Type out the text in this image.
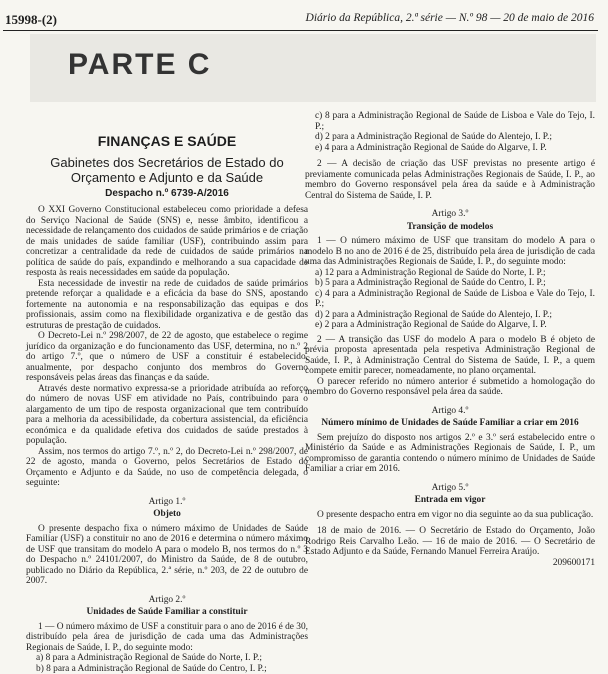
15998-(2)	Diário da República, 2.ª série — N.º 98 — 20 de maio de 2016
PARTE C
FINANÇAS E SAÚDE
Gabinetes dos Secretários de Estado do Orçamento e Adjunto e da Saúde
Despacho n.º 6739-A/2016

O XXI Governo Constitucional estabeleceu como prioridade a defesa do Serviço Nacional de Saúde (SNS) e, nesse âmbito, identificou a necessidade de relançamento dos cuidados de saúde primários e de criação de mais unidades de saúde familiar (USF), contribuindo assim para concretizar a centralidade da rede de cuidados de saúde primários na política de saúde do país, expandindo e melhorando a sua capacidade de resposta às reais necessidades em saúde da população.

Esta necessidade de investir na rede de cuidados de saúde primários pretende reforçar a qualidade e a eficácia da base do SNS, apostando fortemente na autonomia e na responsabilização das equipas e dos profissionais, assim como na flexibilidade organizativa e de gestão das estruturas de prestação de cuidados.

O Decreto-Lei n.º 298/2007, de 22 de agosto, que estabelece o regime jurídico da organização e do funcionamento das USF, determina, no n.º 2 do artigo 7.º, que o número de USF a constituir é estabelecido, anualmente, por despacho conjunto dos membros do Governo responsáveis pelas áreas das finanças e da saúde.

Através deste normativo expressa-se a prioridade atribuída ao reforço do número de novas USF em atividade no País, contribuindo para o alargamento de um tipo de resposta organizacional que tem contribuído para a melhoria da acessibilidade, da cobertura assistencial, da eficiência económica e da qualidade efetiva dos cuidados de saúde prestados à população.

Assim, nos termos do artigo 7.º, n.º 2, do Decreto-Lei n.º 298/2007, de 22 de agosto, manda o Governo, pelos Secretários de Estado do Orçamento e Adjunto e da Saúde, no uso de competência delegada, o seguinte:

Artigo 1.º
Objeto

O presente despacho fixa o número máximo de Unidades de Saúde Familiar (USF) a constituir no ano de 2016 e determina o número máximo de USF que transitam do modelo A para o modelo B, nos termos do n.º 3 do Despacho n.º 24101/2007, do Ministro da Saúde, de 8 de outubro, publicado no Diário da República, 2.ª série, n.º 203, de 22 de outubro de 2007.

Artigo 2.º
Unidades de Saúde Familiar a constituir

1 — O número máximo de USF a constituir para o ano de 2016 é de 30, distribuído pela área de jurisdição de cada uma das Administrações Regionais de Saúde, I. P., do seguinte modo:

a) 8 para a Administração Regional de Saúde do Norte, I. P.;

b) 8 para a Administração Regional de Saúde do Centro, I. P.;

c) 8 para a Administração Regional de Saúde de Lisboa e Vale do Tejo, I. P.;

d) 2 para a Administração Regional de Saúde do Alentejo, I. P.;

e) 4 para a Administração Regional de Saúde do Algarve, I. P.

2 — A decisão de criação das USF previstas no presente artigo é previamente comunicada pelas Administrações Regionais de Saúde, I. P., ao membro do Governo responsável pela área da saúde e à Administração Central do Sistema de Saúde, I. P.

Artigo 3.º
Transição de modelos

1 — O número máximo de USF que transitam do modelo A para o modelo B no ano de 2016 é de 25, distribuído pela área de jurisdição de cada uma das Administrações Regionais de Saúde, I. P., do seguinte modo:

a) 12 para a Administração Regional de Saúde do Norte, I. P.;

b) 5 para a Administração Regional de Saúde do Centro, I. P.;

c) 4 para a Administração Regional de Saúde de Lisboa e Vale do Tejo, I. P.;

d) 2 para a Administração Regional de Saúde do Alentejo, I. P.;

e) 2 para a Administração Regional de Saúde do Algarve, I. P.

2 — A transição das USF do modelo A para o modelo B é objeto de prévia proposta apresentada pela respetiva Administração Regional de Saúde, I. P., à Administração Central do Sistema de Saúde, I. P., a quem compete emitir parecer, nomeadamente, no plano orçamental.

O parecer referido no número anterior é submetido a homologação do membro do Governo responsável pela área da saúde.

Artigo 4.º
Número mínimo de Unidades de Saúde Familiar a criar em 2016

Sem prejuízo do disposto nos artigos 2.º e 3.º será estabelecido entre o Ministério da Saúde e as Administrações Regionais de Saúde, I. P., um compromisso de garantia contendo o número mínimo de Unidades de Saúde Familiar a criar em 2016.

Artigo 5.º
Entrada em vigor

O presente despacho entra em vigor no dia seguinte ao da sua publicação.

18 de maio de 2016. — O Secretário de Estado do Orçamento, João Rodrigo Reis Carvalho Leão. — 16 de maio de 2016. — O Secretário de Estado Adjunto e da Saúde, Fernando Manuel Ferreira Araújo.

209600171
